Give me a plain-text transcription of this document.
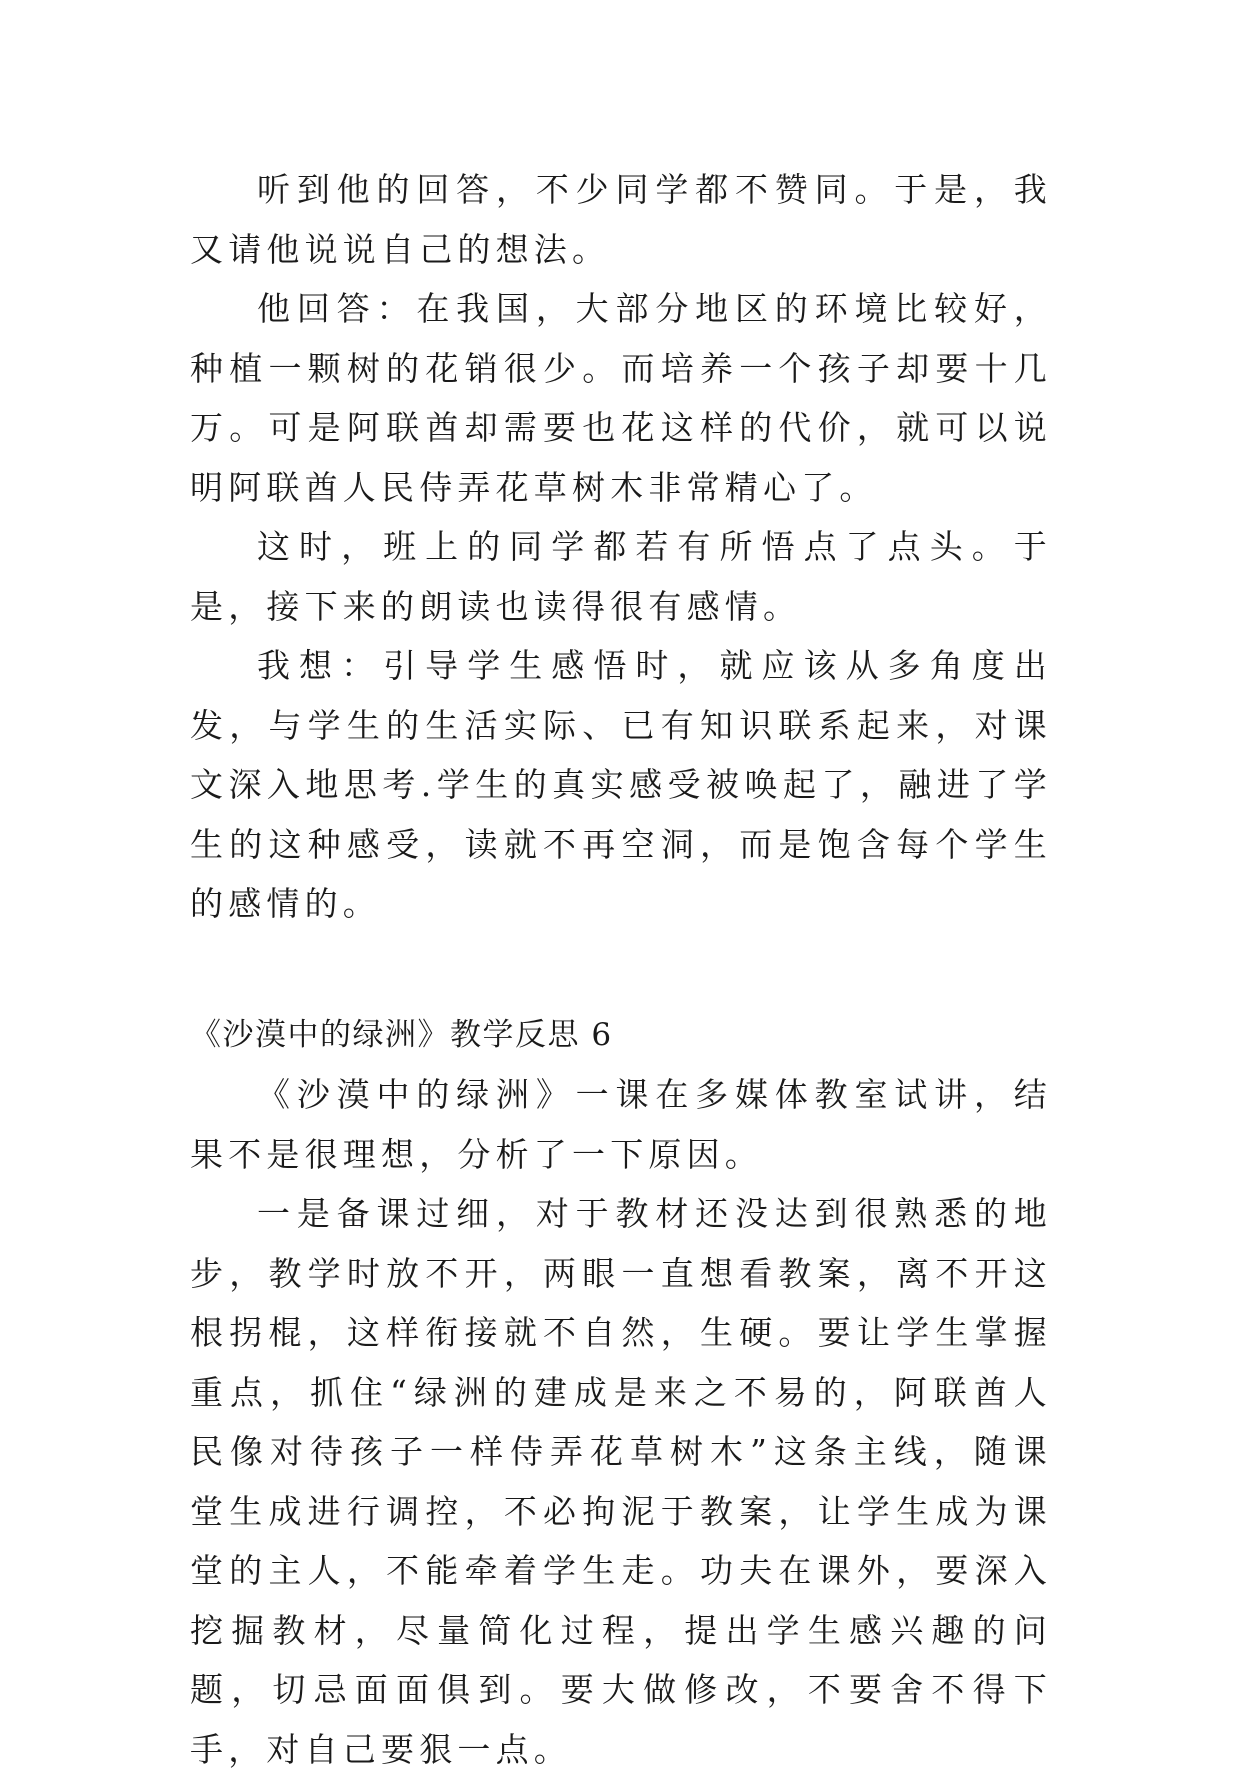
听到他的回答，不少同学都不赞同。于是，我又请他说说自己的想法。

他回答：在我国，大部分地区的环境比较好，种植一颗树的花销很少。而培养一个孩子却要十几万。可是阿联酋却需要也花这样的代价，就可以说明阿联酋人民侍弄花草树木非常精心了。

这时，班上的同学都若有所悟点了点头。于是，接下来的朗读也读得很有感情。

我想：引导学生感悟时，就应该从多角度出发，与学生的生活实际、已有知识联系起来，对课文深入地思考.学生的真实感受被唤起了，融进了学生的这种感受，读就不再空洞，而是饱含每个学生的感情的。

《沙漠中的绿洲》教学反思 6

《沙漠中的绿洲》一课在多媒体教室试讲，结果不是很理想，分析了一下原因。

一是备课过细，对于教材还没达到很熟悉的地步，教学时放不开，两眼一直想看教案，离不开这根拐棍，这样衔接就不自然，生硬。要让学生掌握重点，抓住“绿洲的建成是来之不易的，阿联酋人民像对待孩子一样侍弄花草树木”这条主线，随课堂生成进行调控，不必拘泥于教案，让学生成为课堂的主人，不能牵着学生走。功夫在课外，要深入挖掘教材，尽量简化过程，提出学生感兴趣的问题，切忌面面俱到。要大做修改，不要舍不得下手，对自己要狠一点。
